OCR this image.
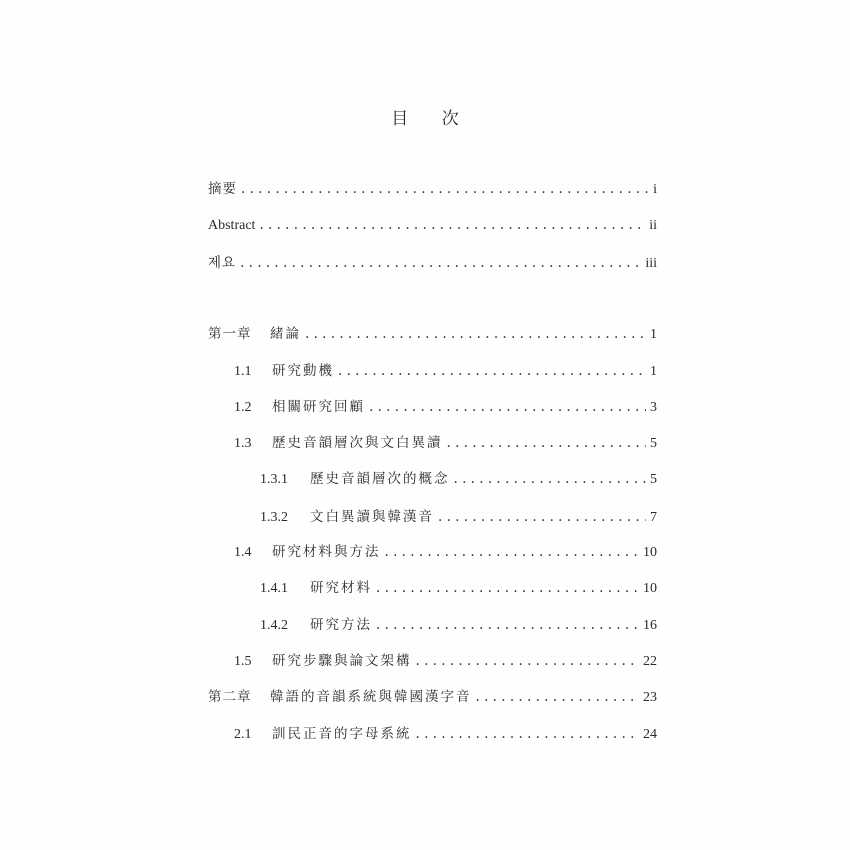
目 次
摘要 . . .	i
Abstract . . .	ii
제요 . . .	iii
第一章	緒論 . . .	1
1.1	研究動機 . . .	1
1.2	相關研究回顧 . . .	3
1.3	歷史音韻層次與文白異讀 . . .	5
1.3.1	歷史音韻層次的概念 . . .	5
1.3.2	文白異讀與韓漢音 . . .	7
1.4	研究材料與方法 . . .	10
1.4.1	研究材料 . . .	10
1.4.2	研究方法 . . .	16
1.5	研究步驟與論文架構 . . .	22
第二章	韓語的音韻系統與韓國漢字音 . . .	23
2.1	訓民正音的字母系統 . . .	24
